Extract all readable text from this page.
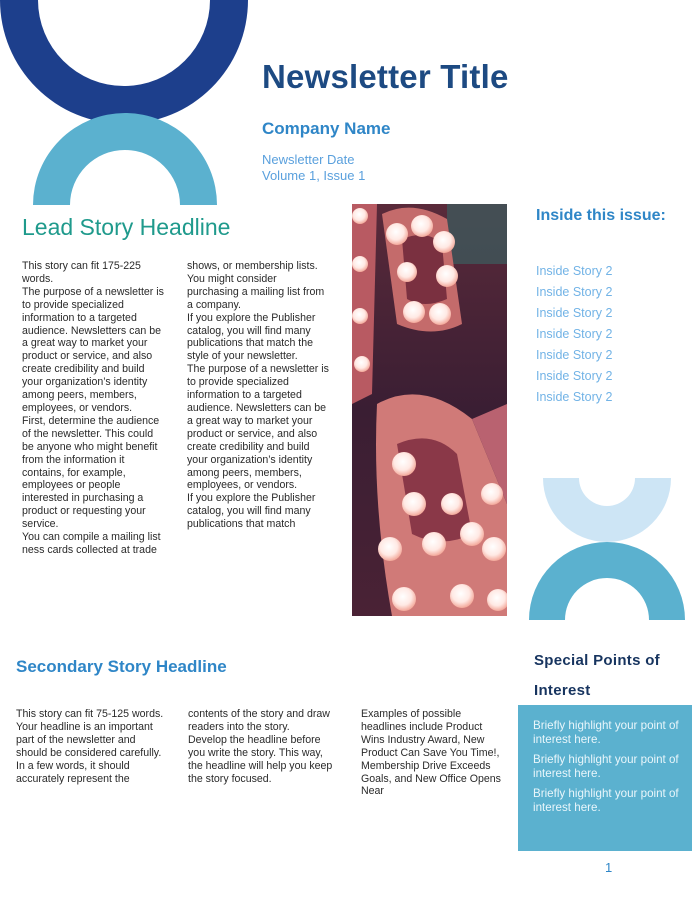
Newsletter Title
Company Name
Newsletter Date
Volume 1, Issue 1
Lead Story Headline

This story can fit 175-225 words.

The purpose of a newsletter is to provide specialized information to a targeted audience. Newsletters can be a great way to market your product or service, and also create credibility and build your organization’s identity among peers, members, employees, or vendors.

First, determine the audience of the newsletter. This could be anyone who might benefit from the information it contains, for example, employees or people interested in purchasing a product or requesting your service.

You can compile a mailing list ness cards collected at trade

shows, or membership lists. You might consider purchasing a mailing list from a company.

If you explore the Publisher catalog, you will find many publications that match the style of your newsletter.

The purpose of a newsletter is to provide specialized information to a targeted audience. Newsletters can be a great way to market your product or service, and also create credibility and build your organization’s identity among peers, members, employees, or vendors.

If you explore the Publisher catalog, you will find many publications that match

Inside this issue:
Inside Story 2
Inside Story 2
Inside Story 2
Inside Story 2
Inside Story 2
Inside Story 2
Inside Story 2
Secondary Story Headline

This story can fit 75-125 words.

Your headline is an important part of the newsletter and should be considered carefully. In a few words, it should accurately represent the

contents of the story and draw readers into the story.

Develop the headline before you write the story. This way, the headline will help you keep the story focused.

Examples of possible headlines include Product Wins Industry Award, New Product Can Save You Time!, Membership Drive Exceeds Goals, and New Office Opens Near

Special Points of Interest

Briefly highlight your point of interest here.

Briefly highlight your point of interest here.

Briefly highlight your point of interest here.

1
